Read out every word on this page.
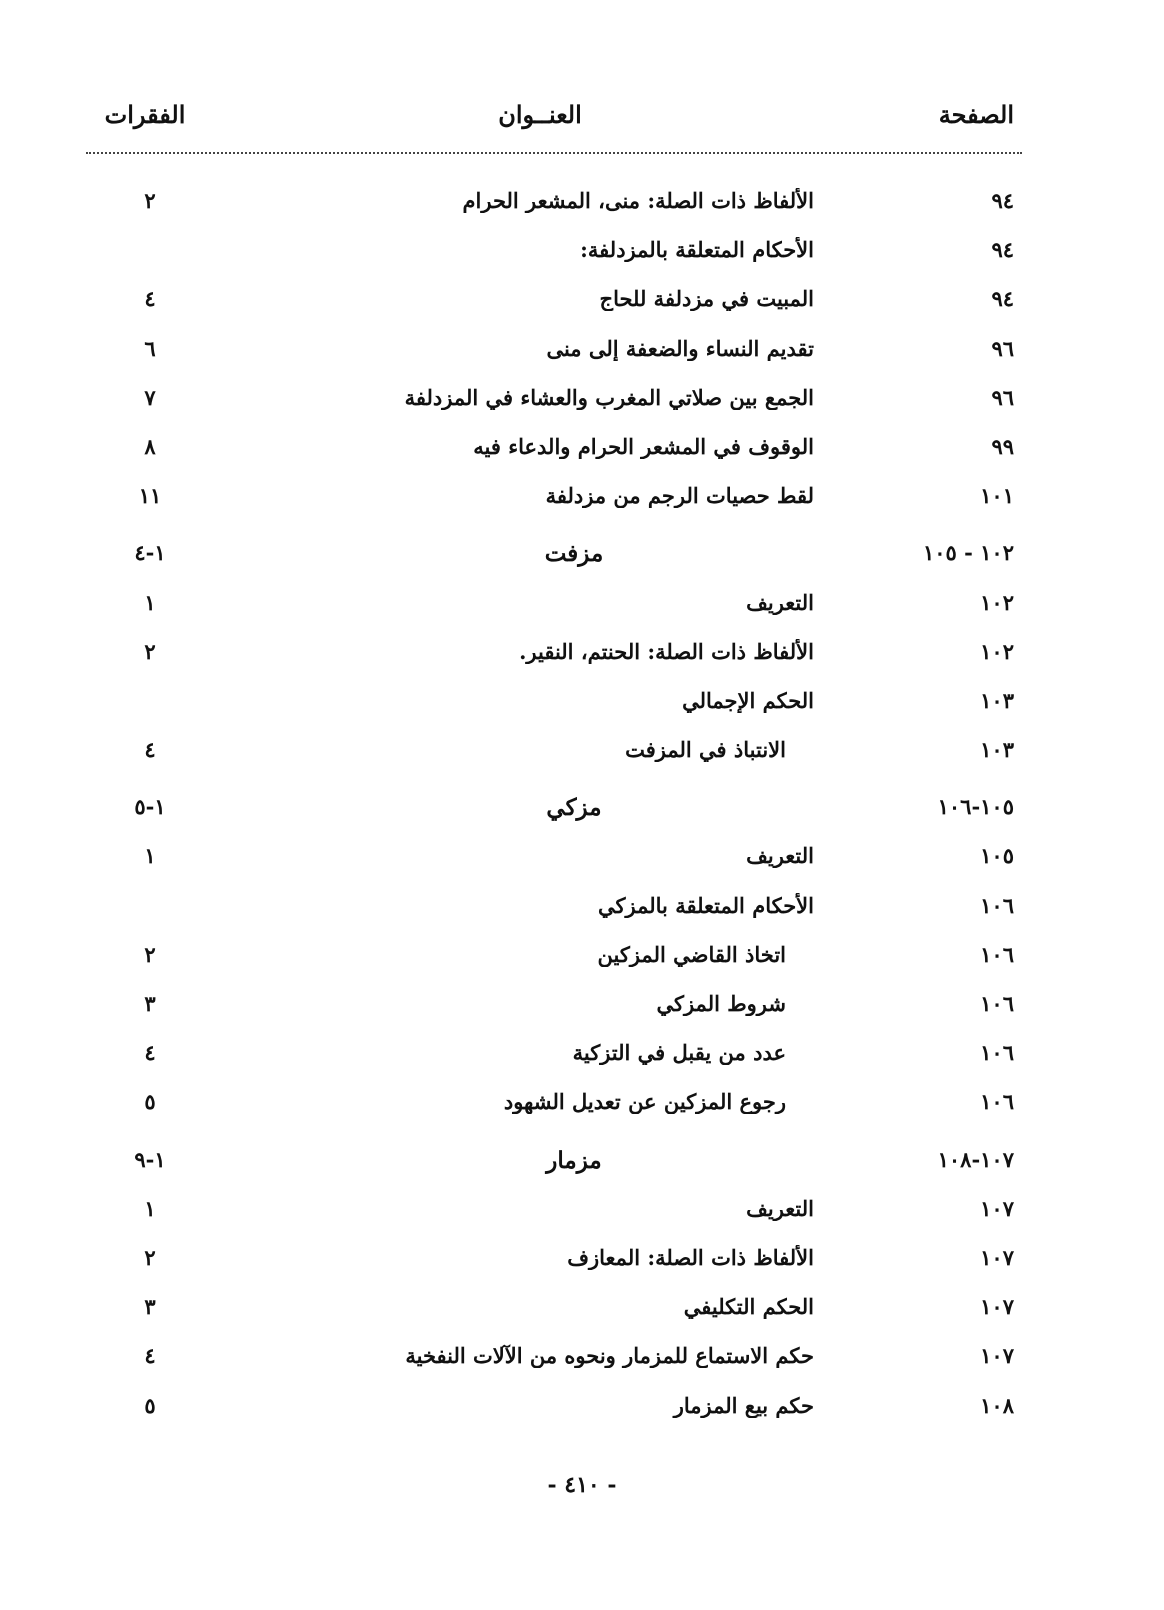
الصفحة
العنــوان
الفقرات
٩٤
الألفاظ ذات الصلة: منى، المشعر الحرام
٢
٩٤
الأحكام المتعلقة بالمزدلفة:
٩٤
المبيت في مزدلفة للحاج
٤
٩٦
تقديم النساء والضعفة إلى منى
٦
٩٦
الجمع بين صلاتي المغرب والعشاء في المزدلفة
٧
٩٩
الوقوف في المشعر الحرام والدعاء فيه
٨
١٠١
لقط حصيات الرجم من مزدلفة
١١
١٠٢ - ١٠٥
مزفت
١-٤
١٠٢
التعريف
١
١٠٢
الألفاظ ذات الصلة: الحنتم، النقير.
٢
١٠٣
الحكم الإجمالي
١٠٣
الانتباذ في المزفت
٤
١٠٥-١٠٦
مزكي
١-٥
١٠٥
التعريف
١
١٠٦
الأحكام المتعلقة بالمزكي
١٠٦
اتخاذ القاضي المزكين
٢
١٠٦
شروط المزكي
٣
١٠٦
عدد من يقبل في التزكية
٤
١٠٦
رجوع المزكين عن تعديل الشهود
٥
١٠٧-١٠٨
مزمار
١-٩
١٠٧
التعريف
١
١٠٧
الألفاظ ذات الصلة: المعازف
٢
١٠٧
الحكم التكليفي
٣
١٠٧
حكم الاستماع للمزمار ونحوه من الآلات النفخية
٤
١٠٨
حكم بيع المزمار
٥
- ٤١٠ -
